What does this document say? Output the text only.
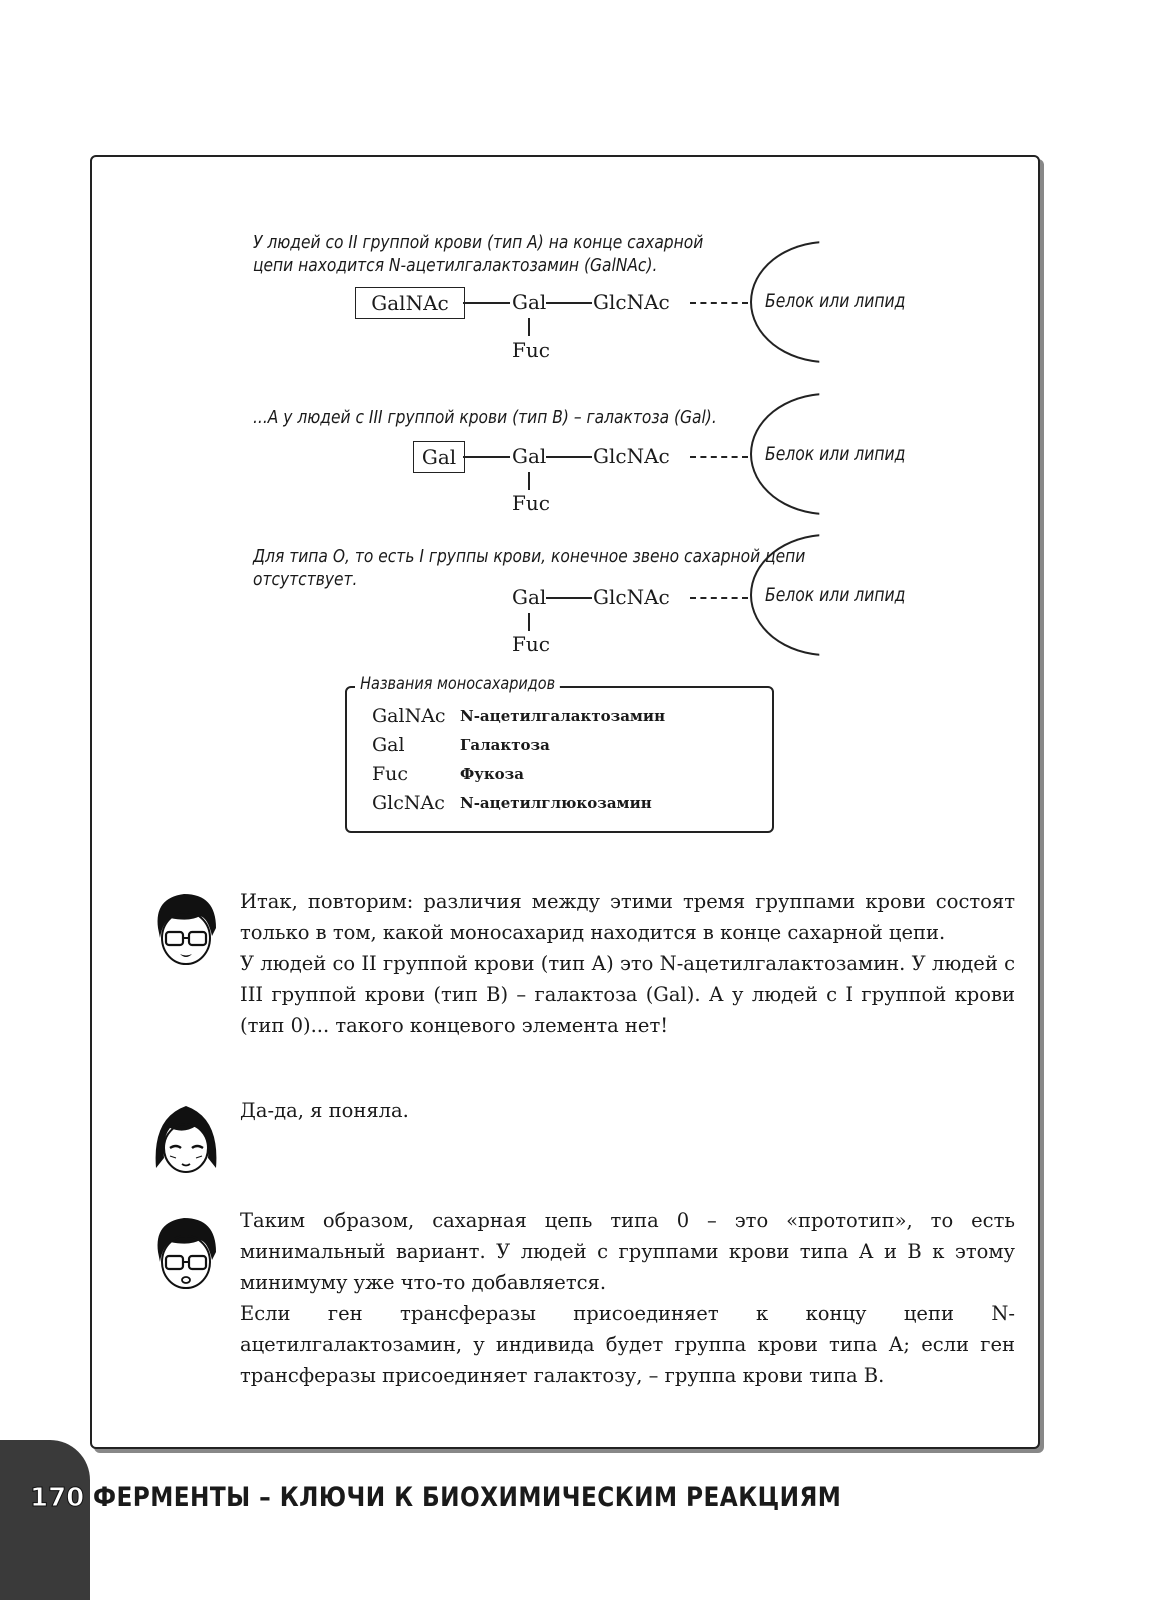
У людей со II группой крови (тип А) на конце сахарной
цепи находится N-ацетилгалактозамин (GalNAc).
GalNAc	Gal GlcNAc
Fuc
Белок или липид
...А у людей с III группой крови (тип В) – галактоза (Gal).
Gal	Gal GlcNAc
Fuc
Белок или липид
Для типа О, то есть I группы крови, конечное звено сахарной цепи
отсутствует.
Gal GlcNAc
Fuc
Белок или липид
Названия моносахаридов
GalNAc	N-ацетилгалактозамин
Gal	Галактоза
Fuc	Фукоза
GlcNAc	N-ацетилглюкозамин

Итак, повторим: различия между этими тремя группами крови состоят только в том, какой моносахарид находится в конце сахарной цепи.

У людей со II группой крови (тип А) это N-ацетилгалактозамин. У людей с III группой крови (тип В) – галактоза (Gal). А у людей с I группой крови (тип 0)... такого концевого элемента нет!

Да-да, я поняла.

Таким образом, сахарная цепь типа 0 – это «прототип», то есть минимальный вариант. У людей с группами крови типа А и В к этому минимуму уже что-то добавляется.

Если ген трансферазы присоединяет к концу цепи N-ацетилгалактозамин, у индивида будет группа крови типа А; если ген трансферазы присоединяет галактозу, – группа крови типа В.

170 ФЕРМЕНТЫ – КЛЮЧИ К БИОХИМИЧЕСКИМ РЕАКЦИЯМ
